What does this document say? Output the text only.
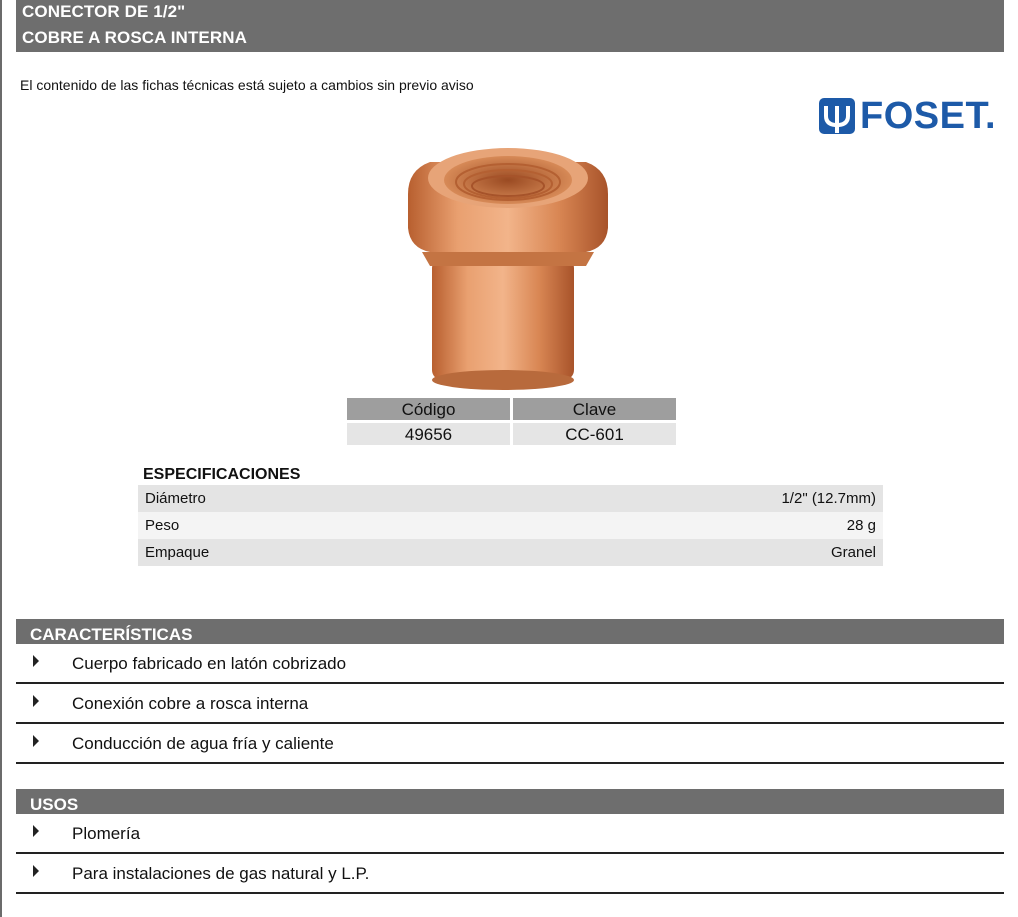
CONECTOR DE 1/2"
COBRE A ROSCA INTERNA
El contenido de las fichas técnicas está sujeto a cambios sin previo aviso
FOSET.
Código	Clave
49656	CC-601
ESPECIFICACIONES
Diámetro	1/2" (12.7mm)
Peso	28 g
Empaque	Granel
CARACTERÍSTICAS
Cuerpo fabricado en latón cobrizado
Conexión cobre a rosca interna
Conducción de agua fría y caliente
USOS
Plomería
Para instalaciones de gas natural y L.P.
